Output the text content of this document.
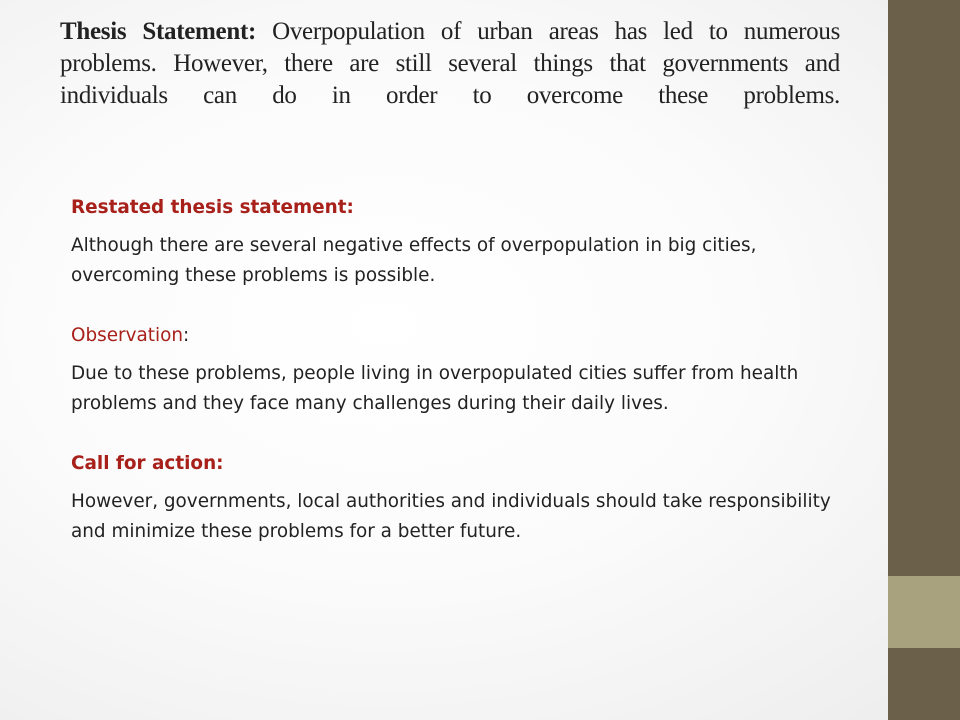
Thesis Statement: Overpopulation of urban areas has led to numerous problems. However, there are still several things that governments and individuals can do in order to overcome these problems.
Restated thesis statement:
Although there are several negative effects of overpopulation in big cities, overcoming these problems is possible.
Observation:
Due to these problems, people living in overpopulated cities suffer from health problems and they face many challenges during their daily lives.
Call for action:
However, governments, local authorities and individuals should take responsibility and minimize these problems for a better future.
